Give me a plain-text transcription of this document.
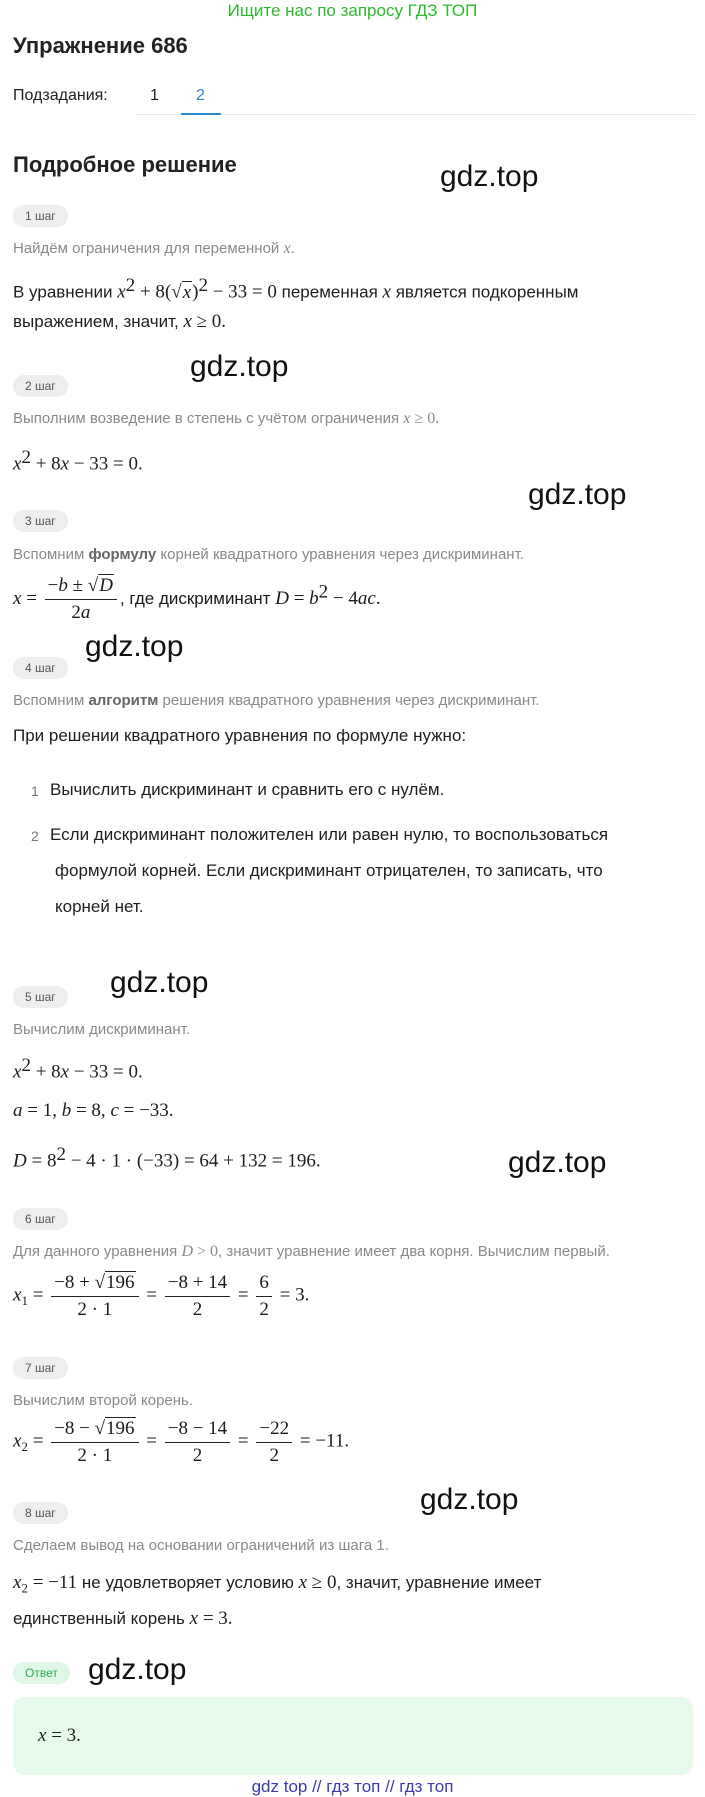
Ищите нас по запросу ГДЗ ТОП
Упражнение 686
Подзадания:	1 2
Подробное решение	gdz.top
gdz.top
gdz.top
gdz.top
gdz.top
gdz.top
gdz.top
gdz.top
1 шаг
Найдём ограничения для переменной x.
В уравнении $x^2 + 8(√x)^2 - 33 = 0$ переменная x является подкоренным
выражением, значит, x ≥ 0.
2 шаг
Выполним возведение в степень с учётом ограничения x ≥ 0.
$x^2 + 8x - 33 = 0$.
3 шаг
Вспомним формулу корней квадратного уравнения через дискриминант.
$x = \frac{-b \pm √D}{2a}$ , где дискриминант $D = b^2 - 4ac$.
4 шаг
Вспомним алгоритм решения квадратного уравнения через дискриминант.
При решении квадратного уравнения по формуле нужно:
1 Вычислить дискриминант и сравнить его с нулём.
2 Если дискриминант положителен или равен нулю, то воспользоваться
формулой корней. Если дискриминант отрицателен, то записать, что
корней нет.
5 шаг
Вычислим дискриминант.
$x^2 + 8x - 33 = 0$.
a = 1, b = 8, c = −33.
$D = 8^2 - 4 \cdot 1 \cdot (-33) = 64 + 132 = 196$.
6 шаг
Для данного уравнения D > 0, значит уравнение имеет два корня. Вычислим первый.
$x_1 = \frac{-8 + √196}{2 \cdot 1} = \frac{-8 + 14}{2} = \frac{6}{2} = 3$.
7 шаг
Вычислим второй корень.
$x_2 = \frac{-8 - √196}{2 \cdot 1} = \frac{-8 - 14}{2} = \frac{-22}{2} = -11$.
8 шаг
Сделаем вывод на основании ограничений из шага 1.
$x_2 = -11$ не удовлетворяет условию x ≥ 0, значит, уравнение имеет
единственный корень x = 3.
Ответ
x = 3.
gdz top // гдз топ // гдз топ
